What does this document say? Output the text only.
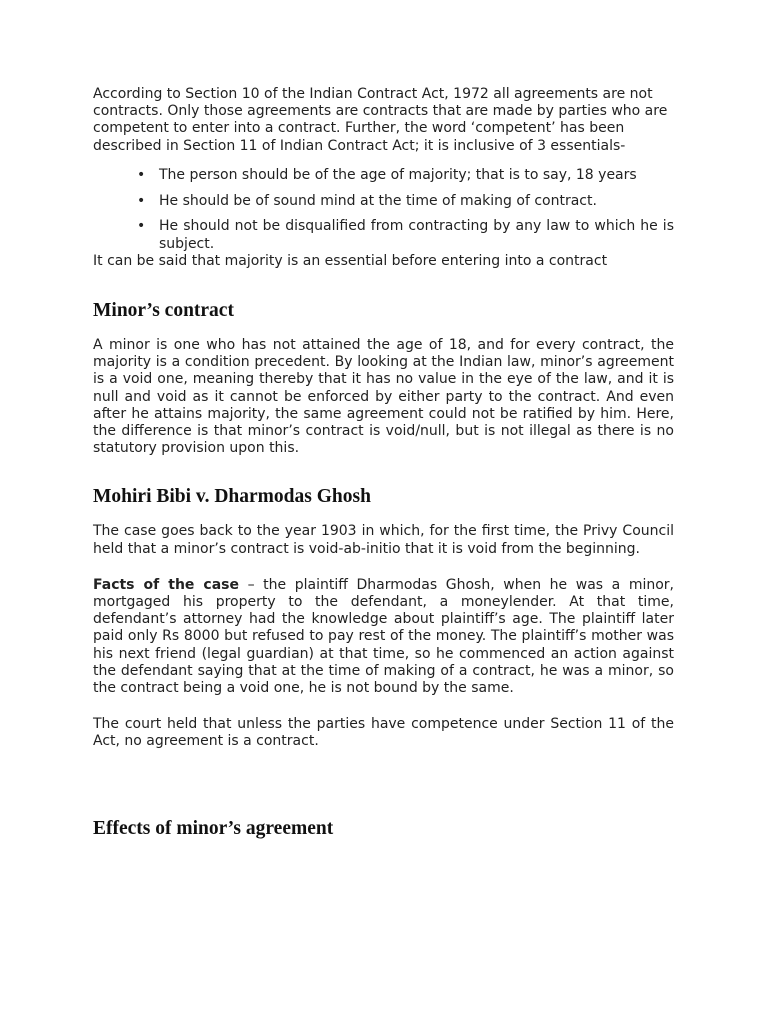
According to Section 10 of the Indian Contract Act, 1972 all agreements are not contracts. Only those agreements are contracts that are made by parties who are competent to enter into a contract. Further, the word ‘competent’ has been described in Section 11 of Indian Contract Act; it is inclusive of 3 essentials-

• The person should be of the age of majority; that is to say, 18 years
• He should be of sound mind at the time of making of contract.
• He should not be disqualified from contracting by any law to which he is subject.

It can be said that majority is an essential before entering into a contract

Minor’s contract

A minor is one who has not attained the age of 18, and for every contract, the majority is a condition precedent. By looking at the Indian law, minor’s agreement is a void one, meaning thereby that it has no value in the eye of the law, and it is null and void as it cannot be enforced by either party to the contract. And even after he attains majority, the same agreement could not be ratified by him. Here, the difference is that minor’s contract is void/null, but is not illegal as there is no statutory provision upon this.

Mohiri Bibi v. Dharmodas Ghosh

The case goes back to the year 1903 in which, for the first time, the Privy Council held that a minor’s contract is void-ab-initio that it is void from the beginning.

Facts of the case – the plaintiff Dharmodas Ghosh, when he was a minor, mortgaged his property to the defendant, a moneylender. At that time, defendant’s attorney had the knowledge about plaintiff’s age. The plaintiff later paid only Rs 8000 but refused to pay rest of the money. The plaintiff’s mother was his next friend (legal guardian) at that time, so he commenced an action against the defendant saying that at the time of making of a contract, he was a minor, so the contract being a void one, he is not bound by the same.

The court held that unless the parties have competence under Section 11 of the Act, no agreement is a contract.

Effects of minor’s agreement
